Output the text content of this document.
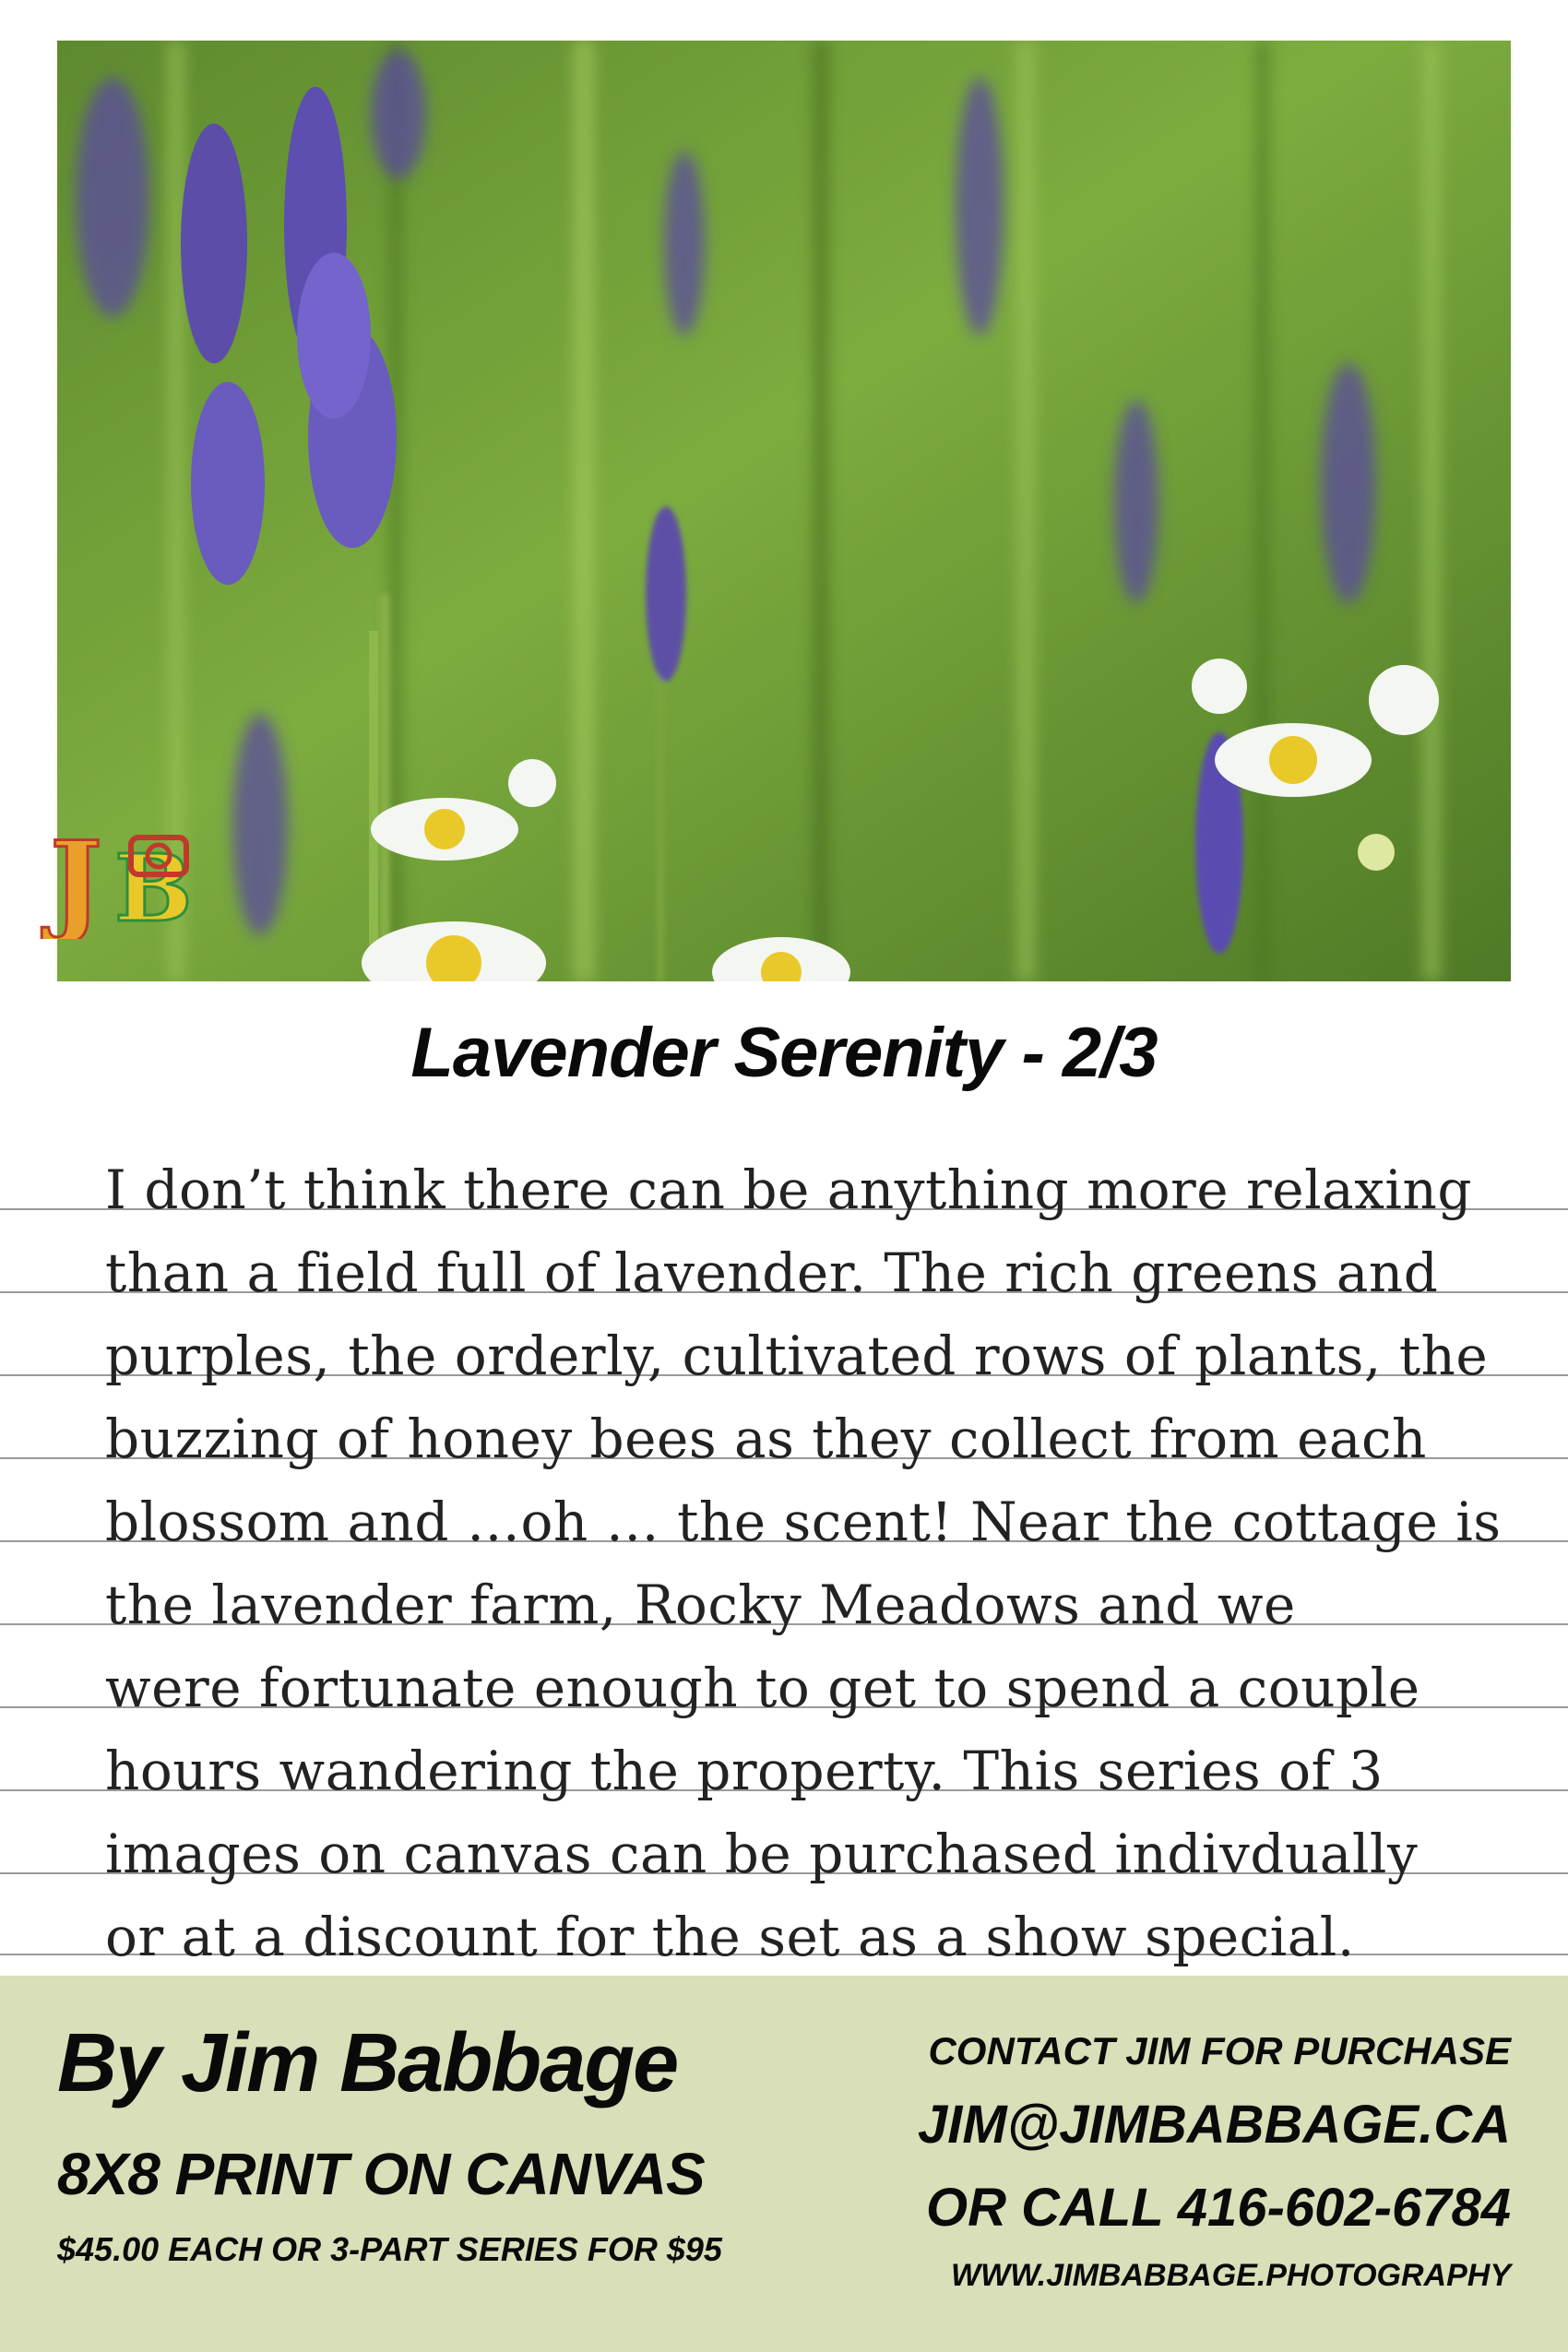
J B
Lavender Serenity - 2/3
I don’t think there can be anything more relaxing
than a field full of lavender. The rich greens and
purples, the orderly, cultivated rows of plants, the
buzzing of honey bees as they collect from each
blossom and …oh … the scent! Near the cottage is
the lavender farm, Rocky Meadows and we
were fortunate enough to get to spend a couple
hours wandering the property. This series of 3
images on canvas can be purchased indivdually
or at a discount for the set as a show special.
By Jim Babbage
8X8 PRINT ON CANVAS
$45.00 EACH OR 3-PART SERIES FOR $95
CONTACT JIM FOR PURCHASE
JIM@JIMBABBAGE.CA
OR CALL 416-602-6784
WWW.JIMBABBAGE.PHOTOGRAPHY
